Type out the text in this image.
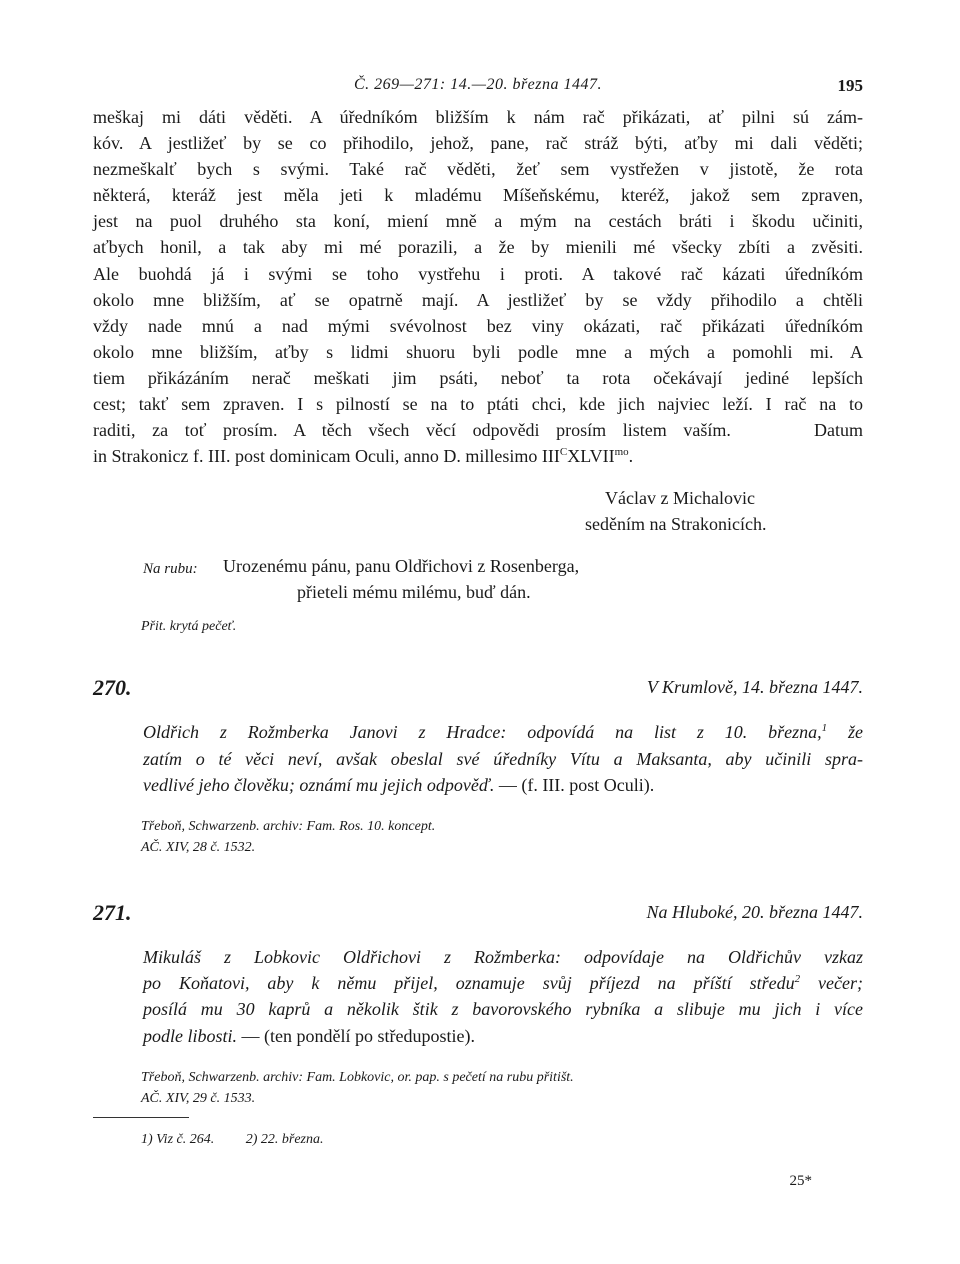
Č. 269—271: 14.—20. března 1447.	195
meškaj mi dáti věděti. A úředníkóm bližším k nám rač přikázati, ať pilni sú zám-
kóv. A jestližeť by se co přihodilo, jehož, pane, rač stráž býti, aťby mi dali věděti;
nezmeškalť bych s svými. Také rač věděti, žeť sem vystřežen v jistotě, že rota
některá, kteráž jest měla jeti k mladému Míšeňskému, kteréž, jakož sem zpraven,
jest na puol druhého sta koní, miení mně a mým na cestách bráti i škodu učiniti,
aťbych honil, a tak aby mi mé porazili, a že by mienili mé všecky zbíti a zvěsiti.
Ale buohdá já i svými se toho vystřehu i proti. A takové rač kázati úředníkóm
okolo mne bližším, ať se opatrně mají. A jestližeť by se vždy přihodilo a chtěli
vždy nade mnú a nad mými svévolnost bez viny okázati, rač přikázati úředníkóm
okolo mne bližším, aťby s lidmi shuoru byli podle mne a mých a pomohli mi. A
tiem přikázáním nerač meškati jim psáti, neboť ta rota očekávají jediné lepších
cest; takť sem zpraven. I s pilností se na to ptáti chci, kde jich najviec leží. I rač na to
raditi, za toť prosím. A těch všech věcí odpovědi prosím listem vaším.     Datum
in Strakonicz f. III. post dominicam Oculi, anno D. millesimo $III^CXLVII^{mo}$.
Václav z Michalovic
seděním na Strakonicích.
Na rubu:	Urozenému pánu, panu Oldřichovi z Rosenberga,
přieteli mému milému, buď dán.
Přit. krytá pečeť.
270.	V Krumlově, 14. března 1447.
Oldřich z Rožmberka Janovi z Hradce: odpovídá na list z 10. března,$^1$ že
zatím o té věci neví, avšak obeslal své úředníky Vítu a Maksanta, aby učinili spra-
vedlivé jeho člověku; oznámí mu jejich odpověď. — (f. III. post Oculi).
Třeboň, Schwarzenb. archiv: Fam. Ros. 10. koncept.
AČ. XIV, 28 č. 1532.
271.	Na Hluboké, 20. března 1447.
Mikuláš z Lobkovic Oldřichovi z Rožmberka: odpovídaje na Oldřichův vzkaz
po Koňatovi, aby k němu přijel, oznamuje svůj příjezd na příští středu$^2$ večer;
posílá mu 30 kaprů a několik štik z bavorovského rybníka a slibuje mu jich i více
podle libosti. — (ten pondělí po středupostie).
Třeboň, Schwarzenb. archiv: Fam. Lobkovic, or. pap. s pečetí na rubu přitišt.
AČ. XIV, 29 č. 1533.
1) Viz č. 264. 2) 22. března.
25*
